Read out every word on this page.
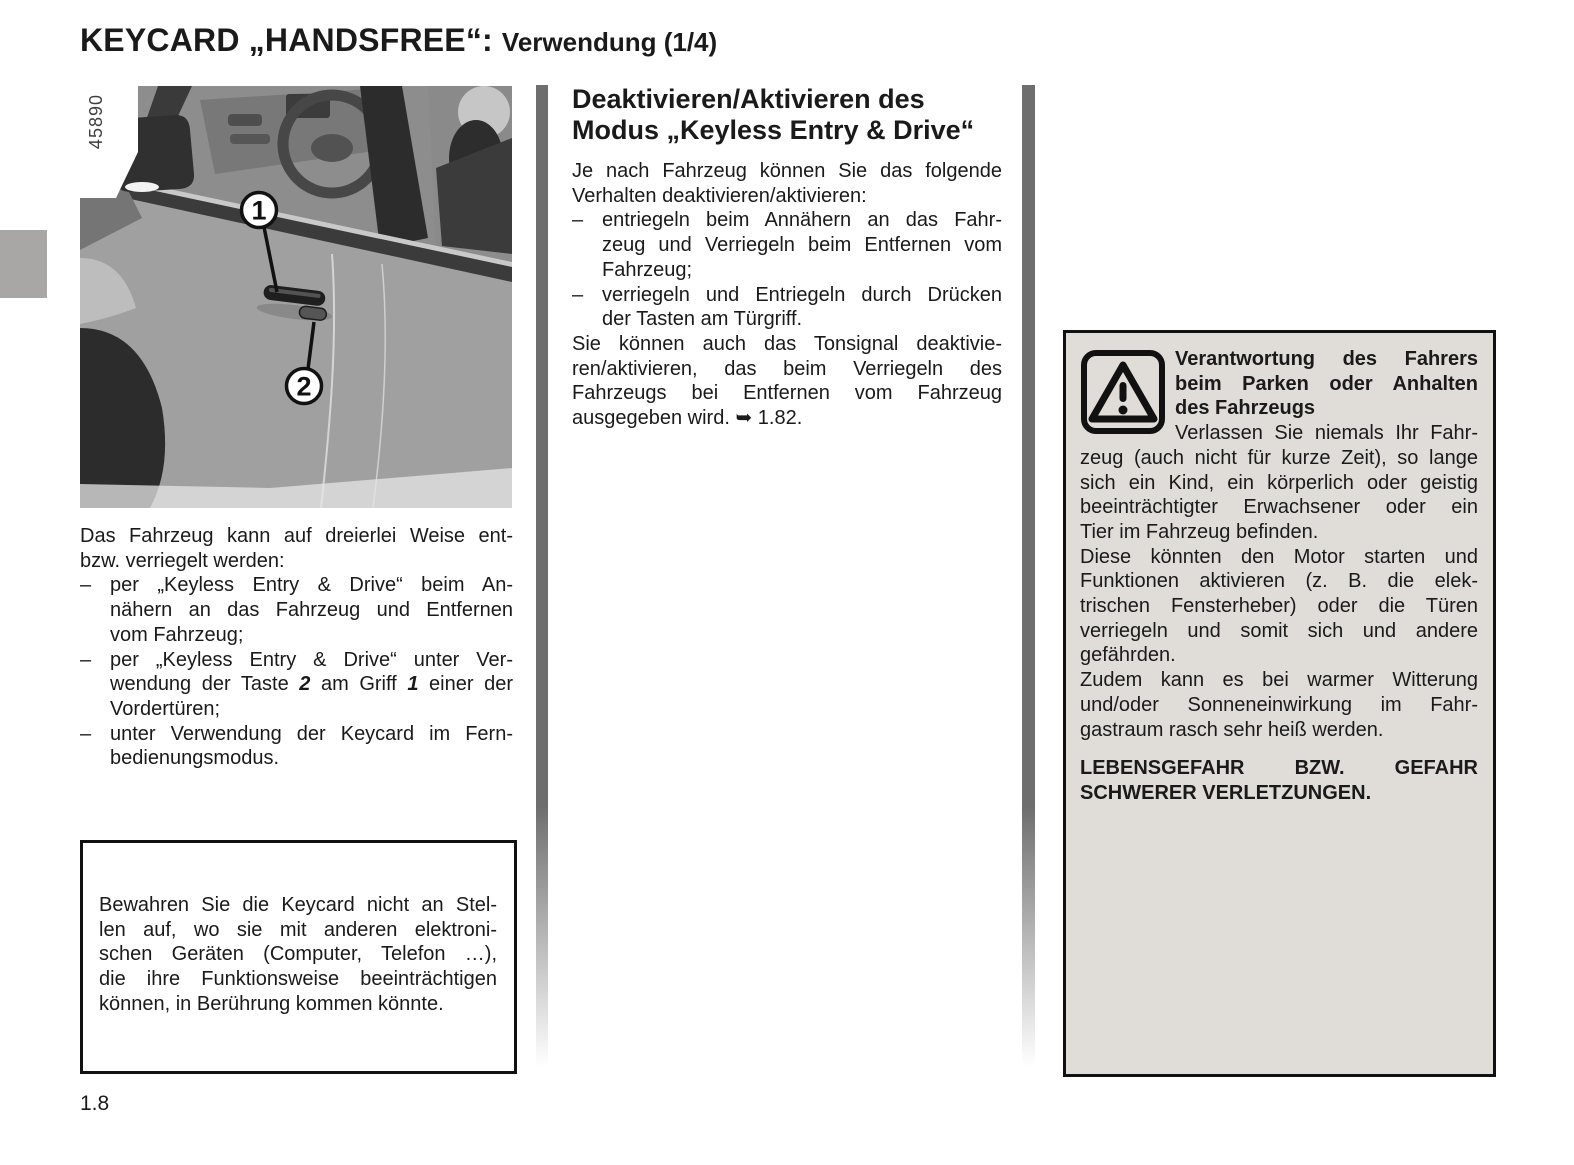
KEYCARD „HANDSFREE“: Verwendung (1/4)
1
2
45890
Das Fahrzeug kann auf dreierlei Weise ent-
bzw. verriegelt werden:
– per „Keyless Entry & Drive“ beim An-
nähern an das Fahrzeug und Entfernen
vom Fahrzeug;
– per „Keyless Entry & Drive“ unter Ver-
wendung der Taste 2 am Griff 1 einer der
Vordertüren;
– unter Verwendung der Keycard im Fern-
bedienungsmodus.
Bewahren Sie die Keycard nicht an Stel-
len auf, wo sie mit anderen elektroni-
schen Geräten (Computer, Telefon …),
die ihre Funktionsweise beeinträchtigen
können, in Berührung kommen könnte.
Deaktivieren/Aktivieren des
Modus „Keyless Entry & Drive“
Je nach Fahrzeug können Sie das folgende
Verhalten deaktivieren/aktivieren:
– entriegeln beim Annähern an das Fahr-
zeug und Verriegeln beim Entfernen vom
Fahrzeug;
– verriegeln und Entriegeln durch Drücken
der Tasten am Türgriff.
Sie können auch das Tonsignal deaktivie-
ren/aktivieren, das beim Verriegeln des
Fahrzeugs bei Entfernen vom Fahrzeug
ausgegeben wird. ➥ 1.82.
Verantwortung des Fahrers
beim Parken oder Anhalten
des Fahrzeugs

Verlassen Sie niemals Ihr Fahr-
zeug (auch nicht für kurze Zeit), so lange
sich ein Kind, ein körperlich oder geistig
beeinträchtigter Erwachsener oder ein
Tier im Fahrzeug befinden.

Diese könnten den Motor starten und
Funktionen aktivieren (z. B. die elek-
trischen Fensterheber) oder die Türen
verriegeln und somit sich und andere
gefährden.

Zudem kann es bei warmer Witterung
und/oder Sonneneinwirkung im Fahr-
gastraum rasch sehr heiß werden.

LEBENSGEFAHR BZW. GEFAHR
SCHWERER VERLETZUNGEN.

1.8
